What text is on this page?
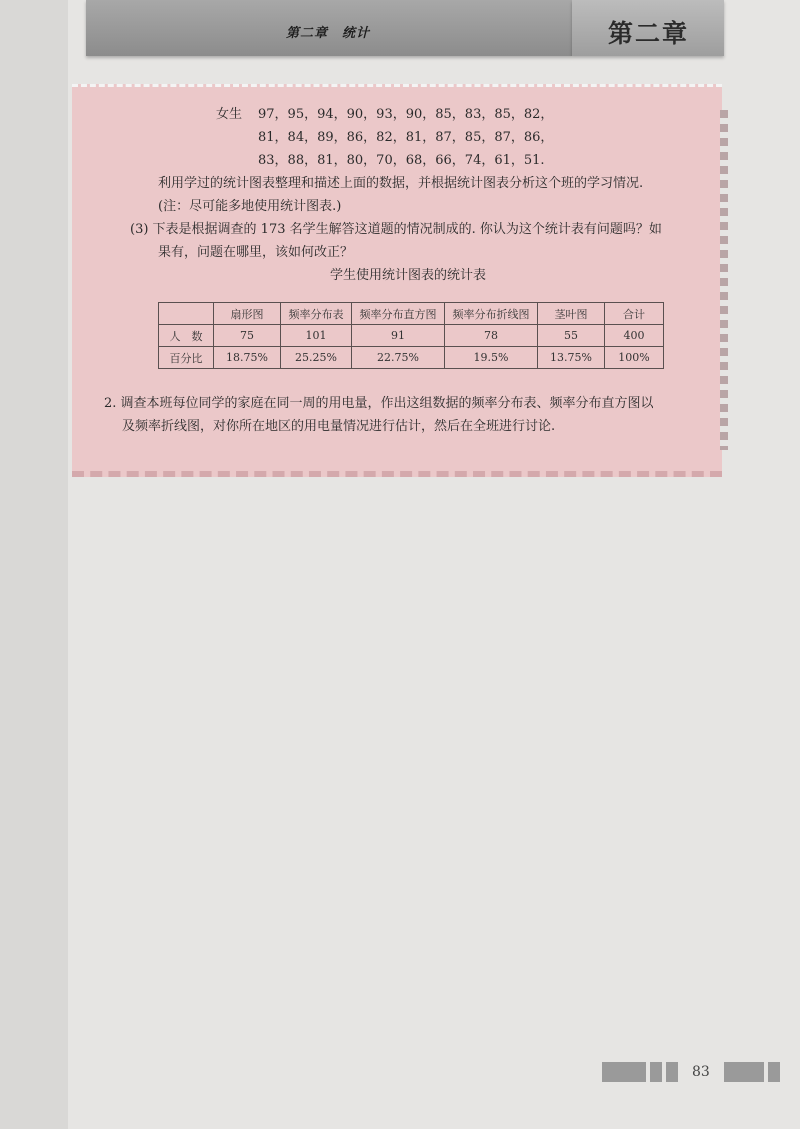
第二章　统计	第二章
女生 97，95，94，90，93，90，85，83，85，82，
81，84，89，86，82，81，87，85，87，86，
83，88，81，80，70，68，66，74，61，51.
利用学过的统计图表整理和描述上面的数据，并根据统计图表分析这个班的学习情况.
(注：尽可能多地使用统计图表.)
(3) 下表是根据调查的 173 名学生解答这道题的情况制成的. 你认为这个统计表有问题吗？如
果有，问题在哪里，该如何改正？
学生使用统计图表的统计表
	扇形图	频率分布表	频率分布直方图	频率分布折线图	茎叶图	合计
人　数	75	101	91	78	55	400
百分比	18.75%	25.25%	22.75%	19.5%	13.75%	100%
2. 调查本班每位同学的家庭在同一周的用电量，作出这组数据的频率分布表、频率分布直方图以
及频率折线图，对你所在地区的用电量情况进行估计，然后在全班进行讨论.
83
